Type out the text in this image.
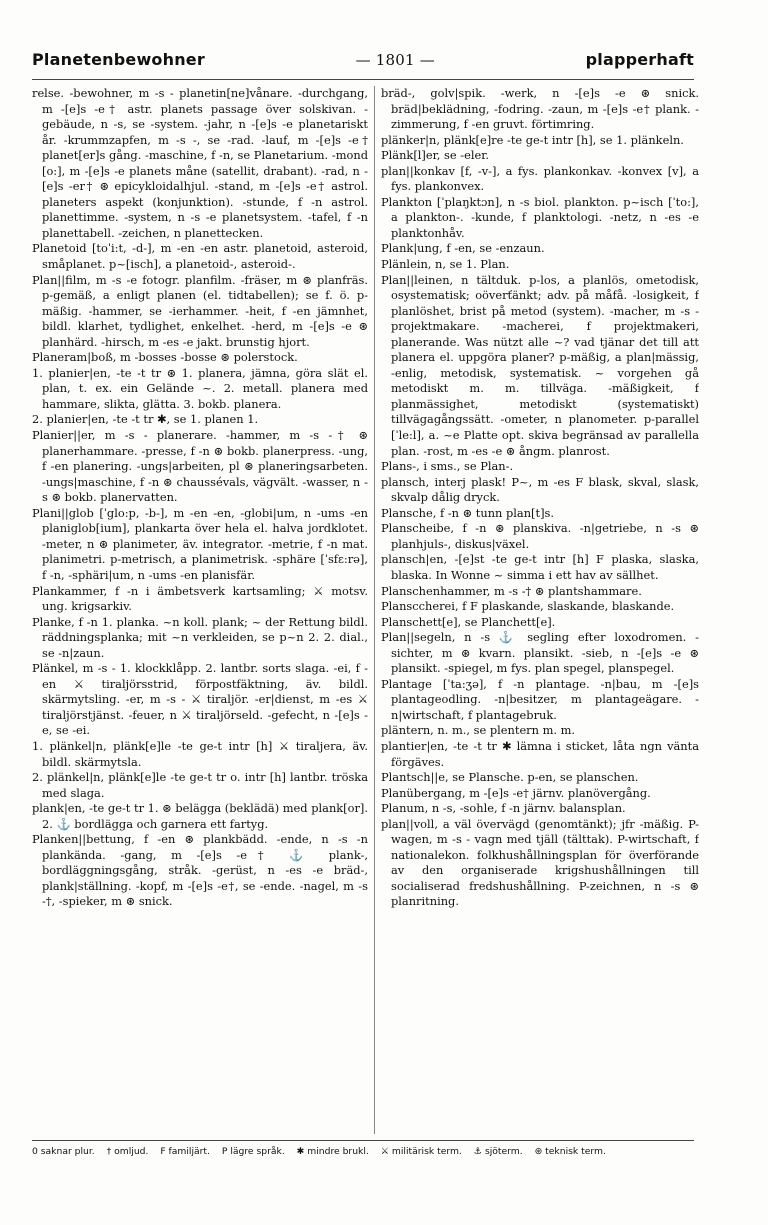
Planetenbewohner	— 1801 —	plapperhaft

relse. -bewohner, m -s - planetin[ne]vånare. -durchgang, m -[e]s -e† astr. planets passage över solskivan. -gebäude, n -s, se -system. -jahr, n -[e]s -e planetariskt år. -krummzapfen, m -s -, se -rad. -lauf, m -[e]s -e† planet[er]s gång. -maschine, f -n, se Planetarium. -mond [o:], m -[e]s -e planets måne (satellit, drabant). -rad, n -[e]s -er† ⊛ epicykloidalhjul. -stand, m -[e]s -e† astrol. planeters aspekt (konjunktion). -stunde, f -n astrol. planettimme. -system, n -s -e planetsystem. -tafel, f -n planettabell. -zeichen, n planettecken.

Planetoid [toˈi:t, -d-], m -en -en astr. planetoid, asteroid, småplanet. p~[isch], a planetoid-, asteroid-.

Plan||film, m -s -e fotogr. planfilm. -fräser, m ⊛ planfräs. p-gemäß, a enligt planen (el. tidtabellen); se f. ö. p-mäßig. -hammer, se -ierhammer. -heit, f -en jämnhet, bildl. klarhet, tydlighet, enkelhet. -herd, m -[e]s -e ⊛ planhärd. -hirsch, m -es -e jakt. brunstig hjort.

Planeram|boß, m -bosses -bosse ⊛ polerstock.

1. planier|en, -te -t tr ⊛ 1. planera, jämna, göra slät el. plan, t. ex. ein Gelände ~. 2. metall. planera med hammare, slikta, glätta. 3. bokb. planera.

2. planier|en, -te -t tr ✱, se 1. planen 1.

Planier||er, m -s - planerare. -hammer, m -s -† ⊛ planerhammare. -presse, f -n ⊛ bokb. planerpress. -ung, f -en planering. -ungs|arbeiten, pl ⊛ planeringsarbeten. -ungs|maschine, f -n ⊛ chaussévals, vägvält. -wasser, n -s ⊛ bokb. planervatten.

Plani||glob [ˈglo:p, -b-], m -en -en, -globi|um, n -ums -en planiglob[ium], plankarta över hela el. halva jordklotet. -meter, n ⊛ planimeter, äv. integrator. -metrie, f -n mat. planimetri. p-metrisch, a planimetrisk. -sphäre [ˈsfɛ:rə], f -n, -sphäri|um, n -ums -en planisfär.

Plankammer, f -n i ämbetsverk kartsamling; ⚔ motsv. ung. krigsarkiv.

Planke, f -n 1. planka. ~n koll. plank; ~ der Rettung bildl. räddningsplanka; mit ~n verkleiden, se p~n 2. 2. dial., se -n|zaun.

Plänkel, m -s - 1. klockklåpp. 2. lantbr. sorts slaga. -ei, f -en ⚔ tiraljörsstrid, förpostfäktning, äv. bildl. skärmytsling. -er, m -s - ⚔ tiraljör. -er|dienst, m -es ⚔ tiraljörstjänst. -feuer, n ⚔ tiraljörseld. -gefecht, n -[e]s -e, se -ei.

1. plänkel|n, plänk[e]le -te ge-t intr [h] ⚔ tiraljera, äv. bildl. skärmytsla.

2. plänkel|n, plänk[e]le -te ge-t tr o. intr [h] lantbr. tröska med slaga.

plank|en, -te ge-t tr 1. ⊛ belägga (beklädä) med plank[or]. 2. ⚓ bordlägga och garnera ett fartyg.

Planken||bettung, f -en ⊛ plankbädd. -ende, n -s -n plankända. -gang, m -[e]s -e† ⚓ plank-, bordläggningsgång, stråk. -gerüst, n -es -e bräd-, plank|ställning. -kopf, m -[e]s -e†, se -ende. -nagel, m -s -†, -spieker, m ⊛ snick.

bräd-, golv|spik. -werk, n -[e]s -e ⊛ snick. bräd|beklädning, -fodring. -zaun, m -[e]s -e† plank. -zimmerung, f -en gruvt. förtimring.

plänker|n, plänk[e]re -te ge-t intr [h], se 1. plänkeln.

Plänk[l]er, se -eler.

plan||konkav [f, -v-], a fys. plankonkav. -konvex [v], a fys. plankonvex.

Plankton [ˈplaŋktɔn], n -s biol. plankton. p~isch [ˈto:], a plankton-. -kunde, f planktologi. -netz, n -es -e planktonhåv.

Plank|ung, f -en, se -enzaun.

Plänlein, n, se 1. Plan.

Plan||leinen, n tältduk. p-los, a planlös, ometodisk, osystematisk; oöverťänkt; adv. på måfå. -losigkeit, f planlöshet, brist på metod (system). -macher, m -s - projektmakare. -macherei, f projektmakeri, planerande. Was nützt alle ~? vad tjänar det till att planera el. uppgöra planer? p-mäßig, a plan|mässig, -enlig, metodisk, systematisk. ~ vorgehen gå metodiskt m. m. tillväga. -mäßigkeit, f planmässighet, metodiskt (systematiskt) tillvägagångssätt. -ometer, n planometer. p-parallel [ˈle:l], a. ~e Platte opt. skiva begränsad av parallella plan. -rost, m -es -e ⊛ ångm. planrost.

Plans-, i sms., se Plan-.

plansch, interj plask! P~, m -es F blask, skval, slask, skvalp dålig dryck.

Plansche, f -n ⊛ tunn plan[t]s.

Planscheibe, f -n ⊛ planskiva. -n|getriebe, n -s ⊛ planhjuls-, diskus|växel.

plansch|en, -[e]st -te ge-t intr [h] F plaska, slaska, blaska. In Wonne ~ simma i ett hav av sällhet.

Planschenhammer, m -s -† ⊛ plantshammare.

Plansccherei, f F plaskande, slaskande, blaskande.

Planschett[e], se Planchett[e].

Plan||segeln, n -s ⚓ segling efter loxodromen. -sichter, m ⊛ kvarn. plansikt. -sieb, n -[e]s -e ⊛ plansikt. -spiegel, m fys. plan spegel, planspegel.

Plantage [ˈta:ʒə], f -n plantage. -n|bau, m -[e]s plantageodling. -n|besitzer, m plantageägare. -n|wirtschaft, f plantagebruk.

pläntern, n. m., se plentern m. m.

plantier|en, -te -t tr ✱ lämna i sticket, låta ngn vänta förgäves.

Plantsch||e, se Plansche. p-en, se planschen.

Planübergang, m -[e]s -e† järnv. planövergång.

Planum, n -s, -sohle, f -n järnv. balansplan.

plan||voll, a väl övervägd (genomtänkt); jfr -mäßig. P-wagen, m -s - vagn med tjäll (tälttak). P-wirtschaft, f nationalekon. folkhushållningsplan för överförande av den organiserade krigshushållningen till socialiserad fredshushållning. P-zeichnen, n -s ⊛ planritning.

0 saknar plur. † omljud. F familjärt. P lägre språk. ✱ mindre brukl. ⚔ militärisk term. ⚓ sjöterm. ⊛ teknisk term.
